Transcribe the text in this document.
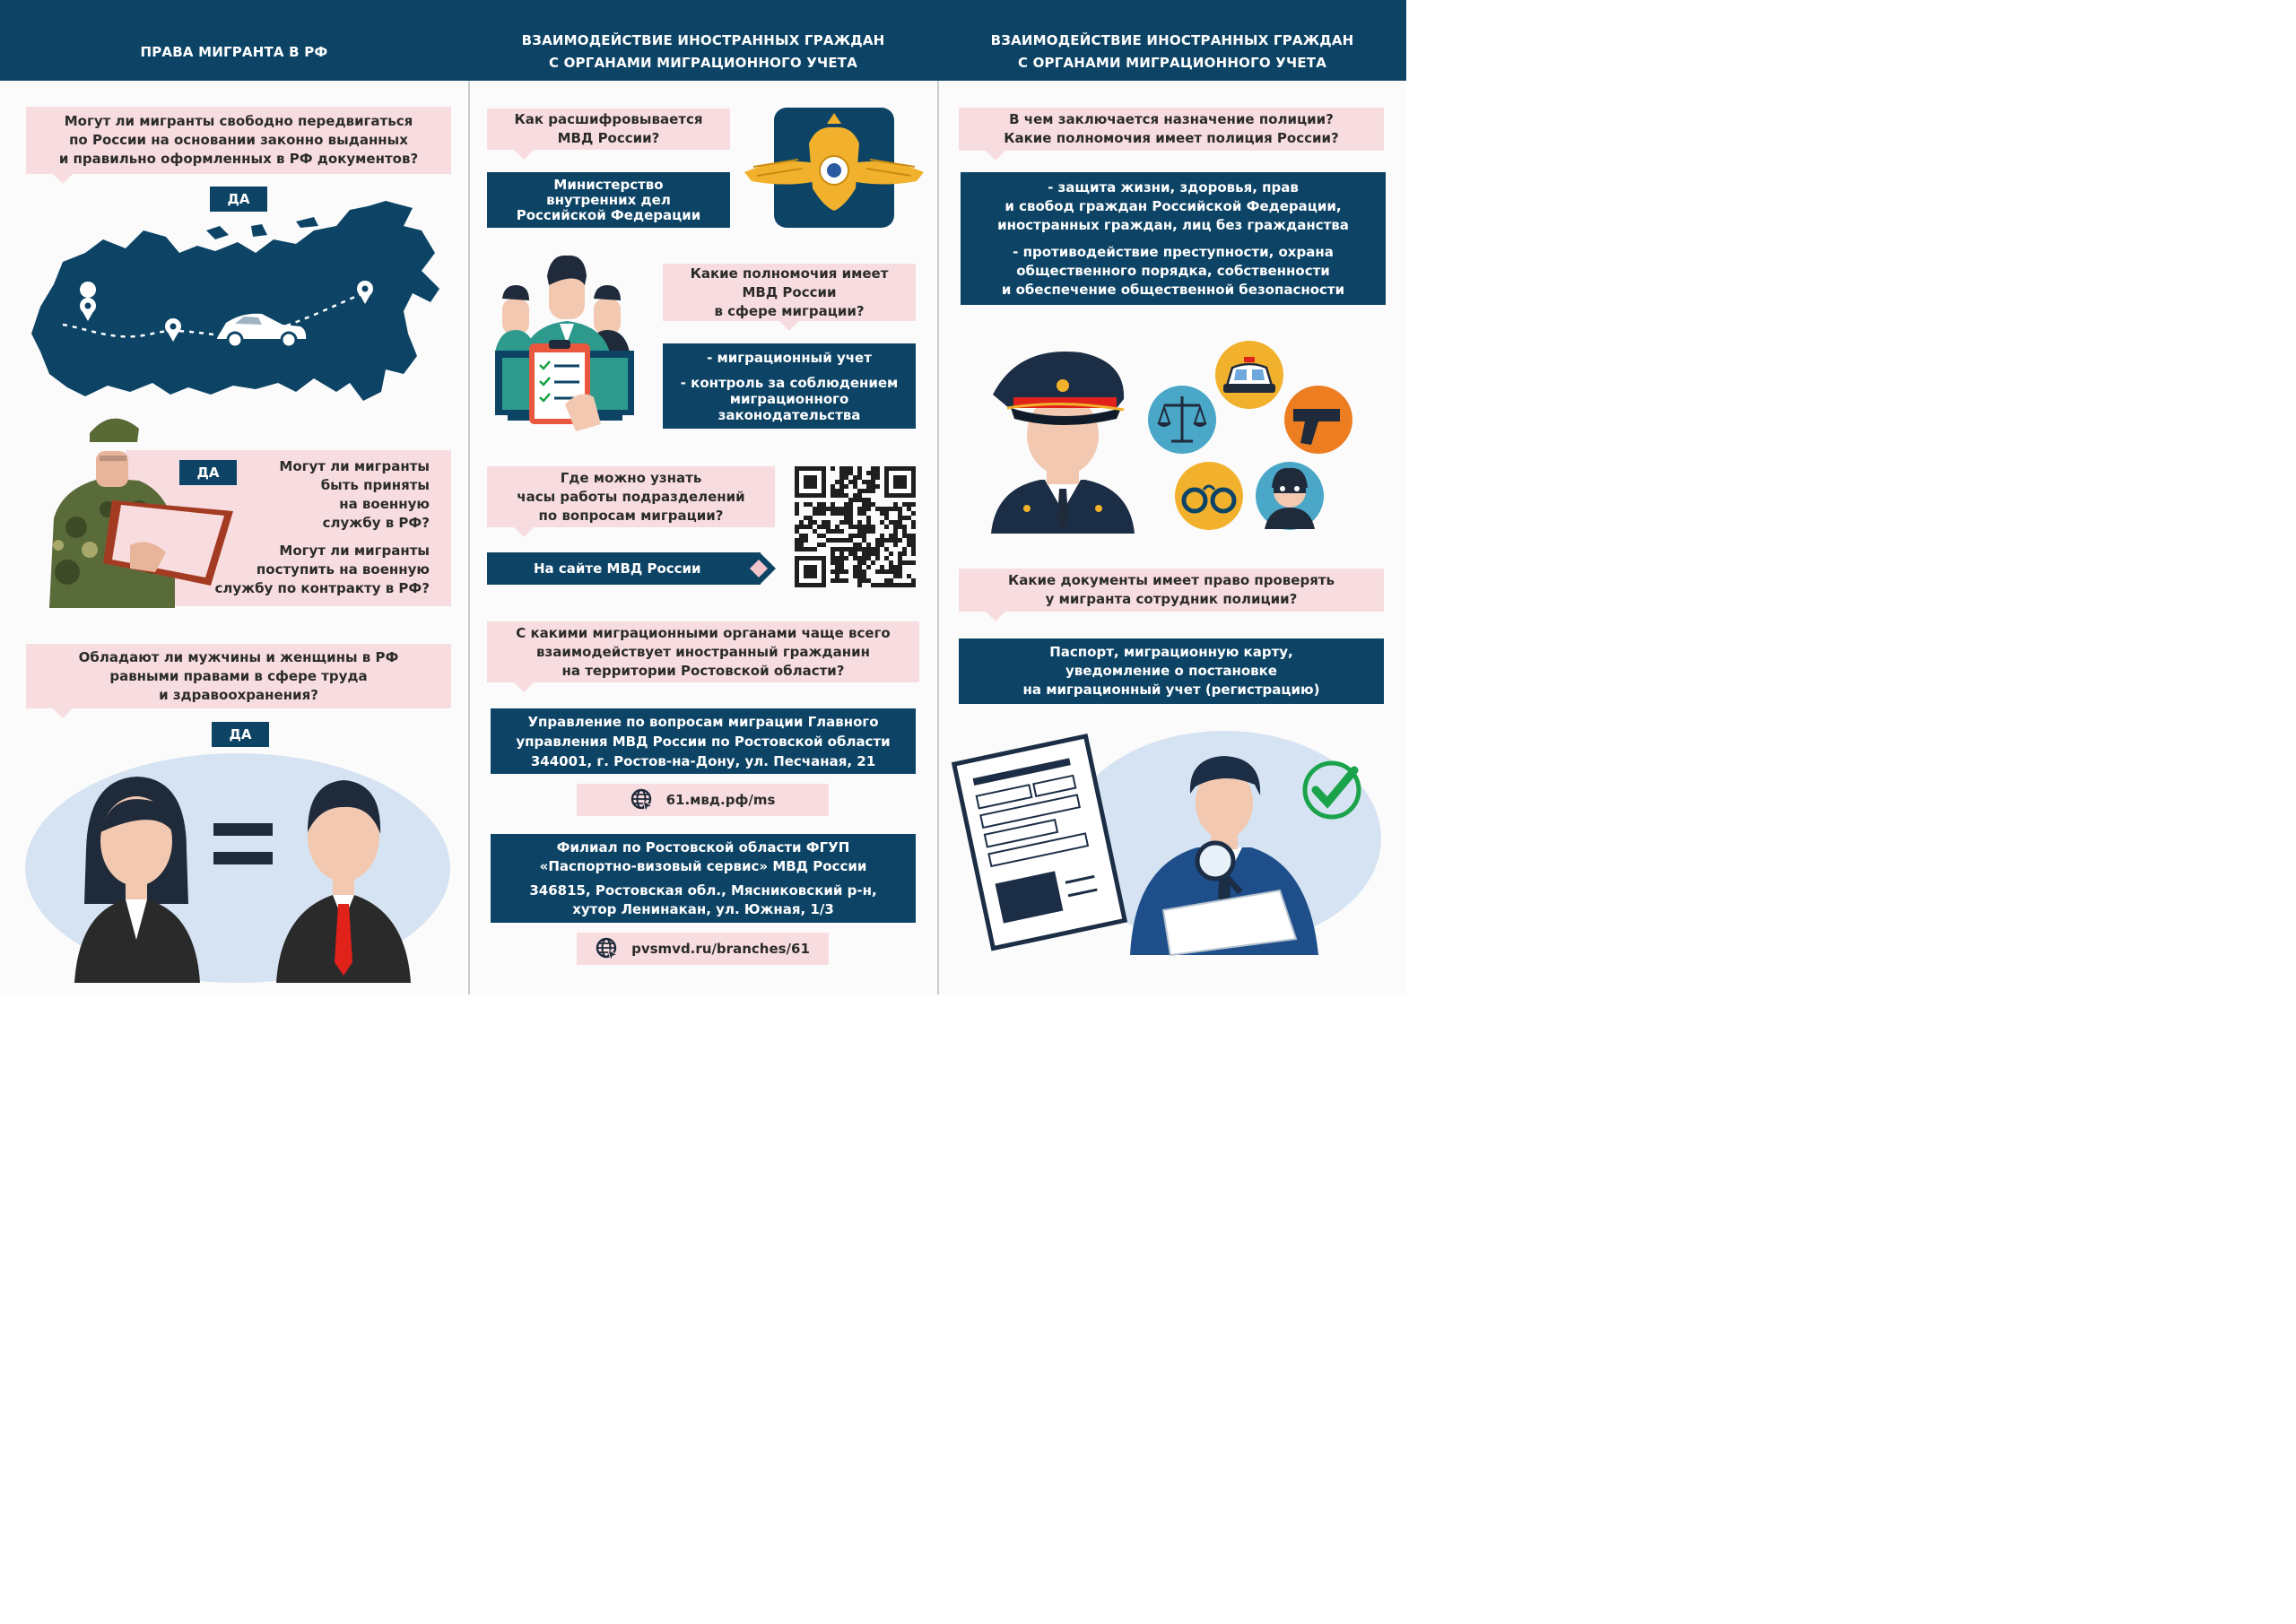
ПРАВА МИГРАНТА В РФ
ВЗАИМОДЕЙСТВИЕ ИНОСТРАННЫХ ГРАЖДАН
С ОРГАНАМИ МИГРАЦИОННОГО УЧЕТА
ВЗАИМОДЕЙСТВИЕ ИНОСТРАННЫХ ГРАЖДАН
С ОРГАНАМИ МИГРАЦИОННОГО УЧЕТА
Могут ли мигранты свободно передвигаться
по России на основании законно выданных
и правильно оформленных в РФ документов?
ДА
Могут ли мигранты
быть приняты
на военную
службу в РФ?
Могут ли мигранты
поступить на военную
службу по контракту в РФ?
ДА
Обладают ли мужчины и женщины в РФ
равными правами в сфере труда
и здравоохранения?
ДА
Как расшифровывается
МВД России?
Министерство
внутренних дел
Российской Федерации
Какие полномочия имеет
МВД России
в сфере миграции?
- миграционный учет
- контроль за соблюдением
миграционного
законодательства
Где можно узнать
часы работы подразделений
по вопросам миграции?
На сайте МВД России
С какими миграционными органами чаще всего
взаимодействует иностранный гражданин
на территории Ростовской области?
Управление по вопросам миграции Главного
управления МВД России по Ростовской области
344001, г. Ростов-на-Дону, ул. Песчаная, 21
61.мвд.рф/ms
Филиал по Ростовской области ФГУП
«Паспортно-визовый сервис» МВД России
346815, Ростовская обл., Мясниковский р-н,
хутор Ленинакан, ул. Южная, 1/3
pvsmvd.ru/branches/61
В чем заключается назначение полиции?
Какие полномочия имеет полиция России?
- защита жизни, здоровья, прав
и свобод граждан Российской Федерации,
иностранных граждан, лиц без гражданства
- противодействие преступности, охрана
общественного порядка, собственности
и обеспечение общественной безопасности
Какие документы имеет право проверять
у мигранта сотрудник полиции?
Паспорт, миграционную карту,
уведомление о постановке
на миграционный учет (регистрацию)
